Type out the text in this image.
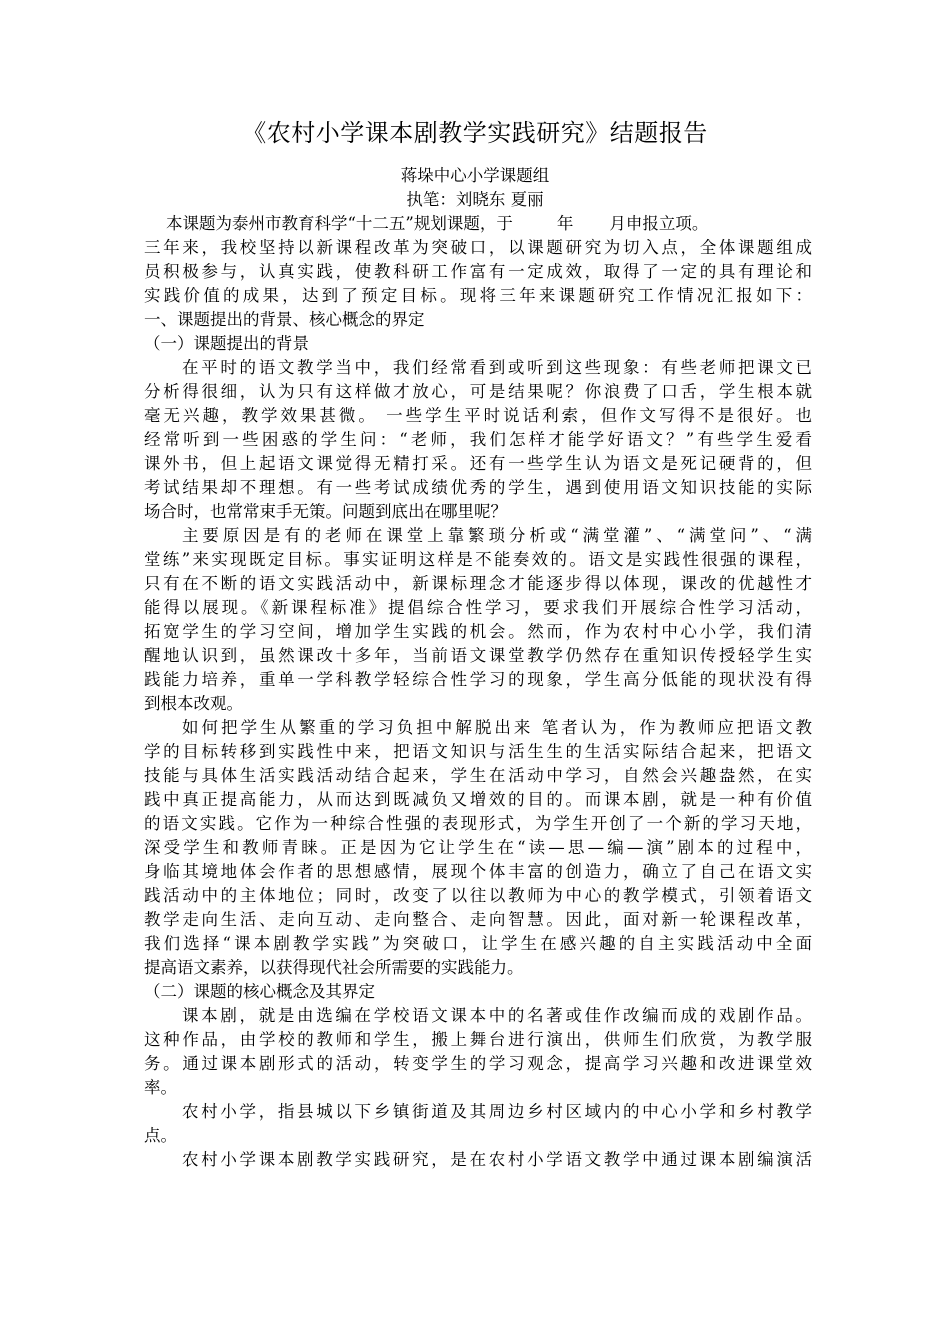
《农村小学课本剧教学实践研究》结题报告
蒋垛中心小学课题组
执笔：刘晓东 夏丽
本课题为泰州市教育科学“十二五”规划课题，于	年 月申报立项。
三年来，我校坚持以新课程改革为突破口，以课题研究为切入点，全体课题组成
员积极参与，认真实践，使教科研工作富有一定成效，取得了一定的具有理论和
实践价值的成果，达到了预定目标。现将三年来课题研究工作情况汇报如下：
一、课题提出的背景、核心概念的界定
（一）课题提出的背景
在平时的语文教学当中，我们经常看到或听到这些现象：有些老师把课文已
分析得很细，认为只有这样做才放心，可是结果呢？你浪费了口舌，学生根本就
毫无兴趣，教学效果甚微。 一些学生平时说话利索，但作文写得不是很好。也
经常听到一些困惑的学生问：“老师，我们怎样才能学好语文？”有些学生爱看
课外书，但上起语文课觉得无精打采。还有一些学生认为语文是死记硬背的，但
考试结果却不理想。有一些考试成绩优秀的学生，遇到使用语文知识技能的实际
场合时，也常常束手无策。问题到底出在哪里呢？
主要原因是有的老师在课堂上靠繁琐分析或“满堂灌”、“满堂问”、“满
堂练”来实现既定目标。事实证明这样是不能奏效的。语文是实践性很强的课程，
只有在不断的语文实践活动中，新课标理念才能逐步得以体现，课改的优越性才
能得以展现。《新课程标准》提倡综合性学习，要求我们开展综合性学习活动，
拓宽学生的学习空间，增加学生实践的机会。然而，作为农村中心小学，我们清
醒地认识到，虽然课改十多年，当前语文课堂教学仍然存在重知识传授轻学生实
践能力培养，重单一学科教学轻综合性学习的现象，学生高分低能的现状没有得
到根本改观。
如何把学生从繁重的学习负担中解脱出来 笔者认为，作为教师应把语文教
学的目标转移到实践性中来，把语文知识与活生生的生活实际结合起来，把语文
技能与具体生活实践活动结合起来，学生在活动中学习，自然会兴趣盎然，在实
践中真正提高能力，从而达到既减负又增效的目的。而课本剧，就是一种有价值
的语文实践。它作为一种综合性强的表现形式，为学生开创了一个新的学习天地，
深受学生和教师青睐。正是因为它让学生在“读—思—编—演”剧本的过程中，
身临其境地体会作者的思想感情，展现个体丰富的创造力，确立了自己在语文实
践活动中的主体地位；同时，改变了以往以教师为中心的教学模式，引领着语文
教学走向生活、走向互动、走向整合、走向智慧。因此，面对新一轮课程改革，
我们选择“课本剧教学实践”为突破口，让学生在感兴趣的自主实践活动中全面
提高语文素养，以获得现代社会所需要的实践能力。
（二）课题的核心概念及其界定
课本剧，就是由选编在学校语文课本中的名著或佳作改编而成的戏剧作品。
这种作品，由学校的教师和学生，搬上舞台进行演出，供师生们欣赏，为教学服
务。通过课本剧形式的活动，转变学生的学习观念，提高学习兴趣和改进课堂效
率。
农村小学，指县城以下乡镇街道及其周边乡村区域内的中心小学和乡村教学
点。
农村小学课本剧教学实践研究，是在农村小学语文教学中通过课本剧编演活
